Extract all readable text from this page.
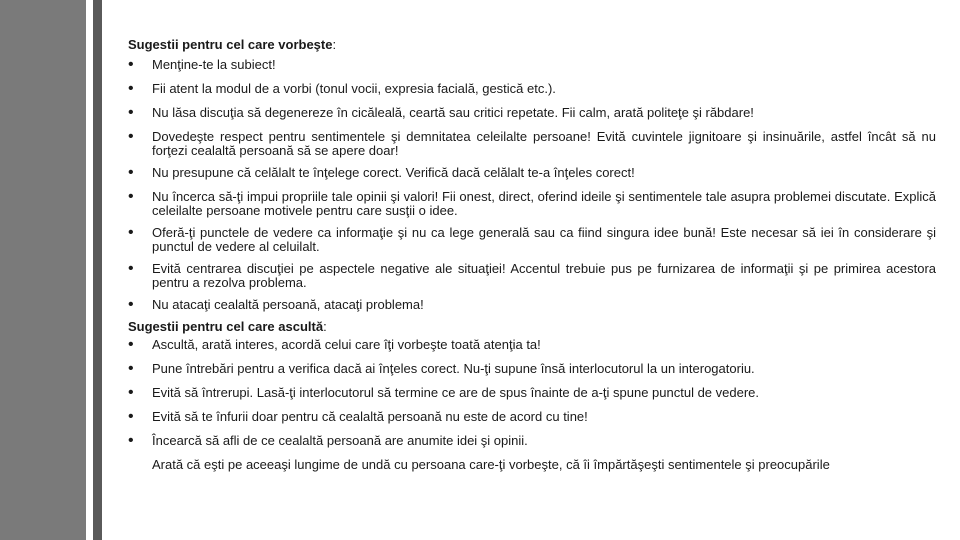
Sugestii pentru cel care vorbeşte:
• Menţine-te la subiect!
• Fii atent la modul de a vorbi (tonul vocii, expresia facială, gestică etc.).
• Nu lăsa discuţia să degenereze în cicăleală, ceartă sau critici repetate. Fii calm, arată politeţe şi răbdare!
• Dovedeşte respect pentru sentimentele şi demnitatea celeilalte persoane! Evită cuvintele jignitoare şi insinuările, astfel încât să nu forţezi cealaltă persoană să se apere doar!
• Nu presupune că celălalt te înţelege corect. Verifică dacă celălalt te-a înţeles corect!
• Nu încerca să-ţi impui propriile tale opinii şi valori! Fii onest, direct, oferind ideile şi sentimentele tale asupra problemei discutate. Explică celeilalte persoane motivele pentru care susţii o idee.
• Oferă-ţi punctele de vedere ca informaţie şi nu ca lege generală sau ca fiind singura idee bună! Este necesar să iei în considerare şi punctul de vedere al celuilalt.
• Evită centrarea discuţiei pe aspectele negative ale situaţiei! Accentul trebuie pus pe furnizarea de informaţii şi pe primirea acestora pentru a rezolva problema.
• Nu atacaţi cealaltă persoană, atacaţi problema!
Sugestii pentru cel care ascultă:
• Ascultă, arată interes, acordă celui care îţi vorbeşte toată atenţia ta!
• Pune întrebări pentru a verifica dacă ai înţeles corect. Nu-ţi supune însă interlocutorul la un interogatoriu.
• Evită să întrerupi. Lasă-ţi interlocutorul să termine ce are de spus înainte de a-ţi spune punctul de vedere.
• Evită să te înfurii doar pentru că cealaltă persoană nu este de acord cu tine!
• Încearcă să afli de ce cealaltă persoană are anumite idei şi opinii.
Arată că eşti pe aceeaşi lungime de undă cu persoana care-ţi vorbeşte, că îi împărtăşeşti sentimentele şi preocupările
